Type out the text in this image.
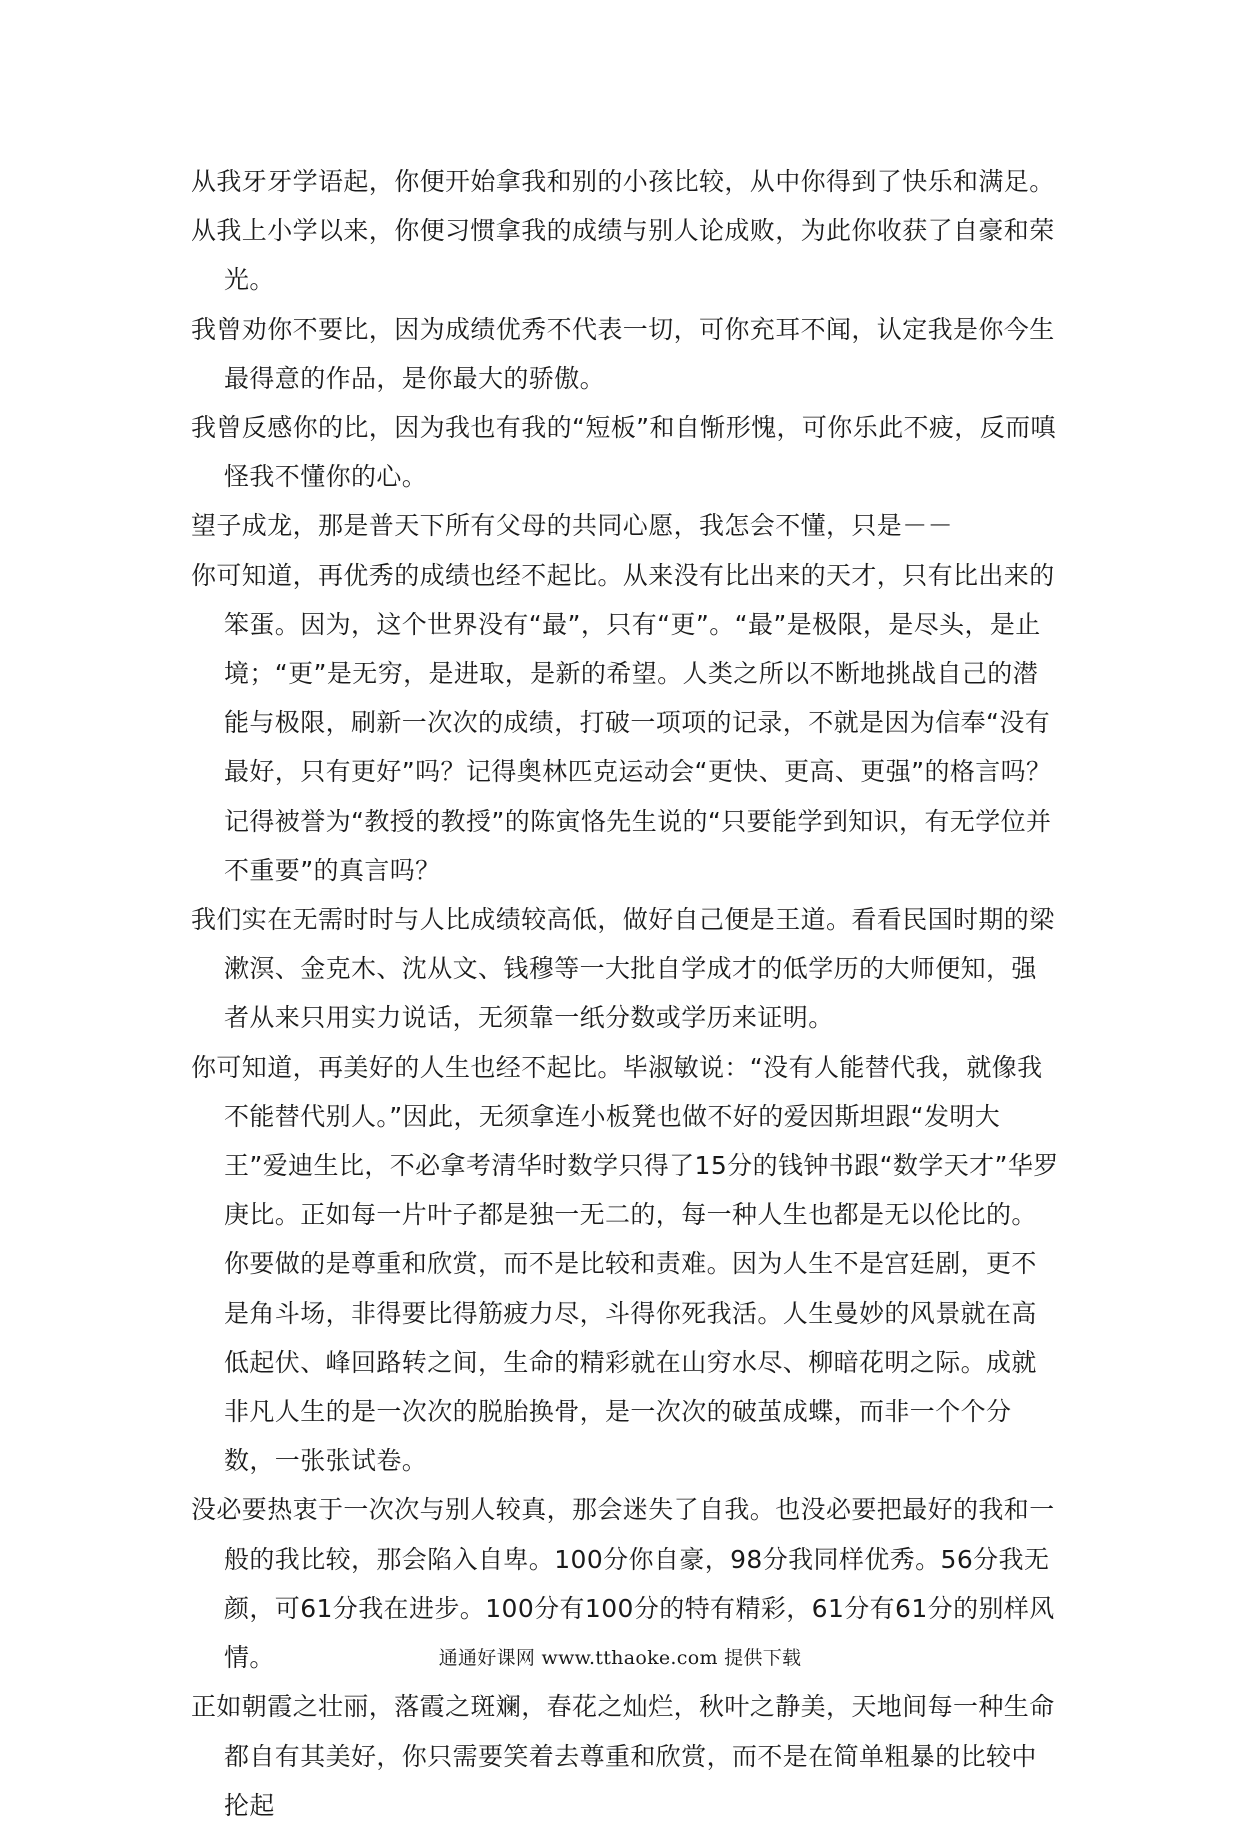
从我牙牙学语起，你便开始拿我和别的小孩比较，从中你得到了快乐和满足。

从我上小学以来，你便习惯拿我的成绩与别人论成败，为此你收获了自豪和荣光。

我曾劝你不要比，因为成绩优秀不代表一切，可你充耳不闻，认定我是你今生最得意的作品，是你最大的骄傲。

我曾反感你的比，因为我也有我的“短板”和自惭形愧，可你乐此不疲，反而嗔怪我不懂你的心。

望子成龙，那是普天下所有父母的共同心愿，我怎会不懂，只是－－

你可知道，再优秀的成绩也经不起比。从来没有比出来的天才，只有比出来的笨蛋。因为，这个世界没有“最”，只有“更”。“最”是极限，是尽头，是止境；“更”是无穷，是进取，是新的希望。人类之所以不断地挑战自己的潜能与极限，刷新一次次的成绩，打破一项项的记录，不就是因为信奉“没有最好，只有更好”吗？记得奥林匹克运动会“更快、更高、更强”的格言吗？记得被誉为“教授的教授”的陈寅恪先生说的“只要能学到知识，有无学位并不重要”的真言吗？

我们实在无需时时与人比成绩较高低，做好自己便是王道。看看民国时期的梁漱溟、金克木、沈从文、钱穆等一大批自学成才的低学历的大师便知，强者从来只用实力说话，无须靠一纸分数或学历来证明。

你可知道，再美好的人生也经不起比。毕淑敏说：“没有人能替代我，就像我不能替代别人。”因此，无须拿连小板凳也做不好的爱因斯坦跟“发明大王”爱迪生比，不必拿考清华时数学只得了15分的钱钟书跟“数学天才”华罗庚比。正如每一片叶子都是独一无二的，每一种人生也都是无以伦比的。你要做的是尊重和欣赏，而不是比较和责难。因为人生不是宫廷剧，更不是角斗场，非得要比得筋疲力尽，斗得你死我活。人生曼妙的风景就在高低起伏、峰回路转之间，生命的精彩就在山穷水尽、柳暗花明之际。成就非凡人生的是一次次的脱胎换骨，是一次次的破茧成蝶，而非一个个分数，一张张试卷。

没必要热衷于一次次与别人较真，那会迷失了自我。也没必要把最好的我和一般的我比较，那会陷入自卑。100分你自豪，98分我同样优秀。56分我无颜，可61分我在进步。100分有100分的特有精彩，61分有61分的别样风情。

正如朝霞之壮丽，落霞之斑斓，春花之灿烂，秋叶之静美，天地间每一种生命都自有其美好，你只需要笑着去尊重和欣赏，而不是在简单粗暴的比较中抡起

通通好课网 www.tthaoke.com 提供下载
